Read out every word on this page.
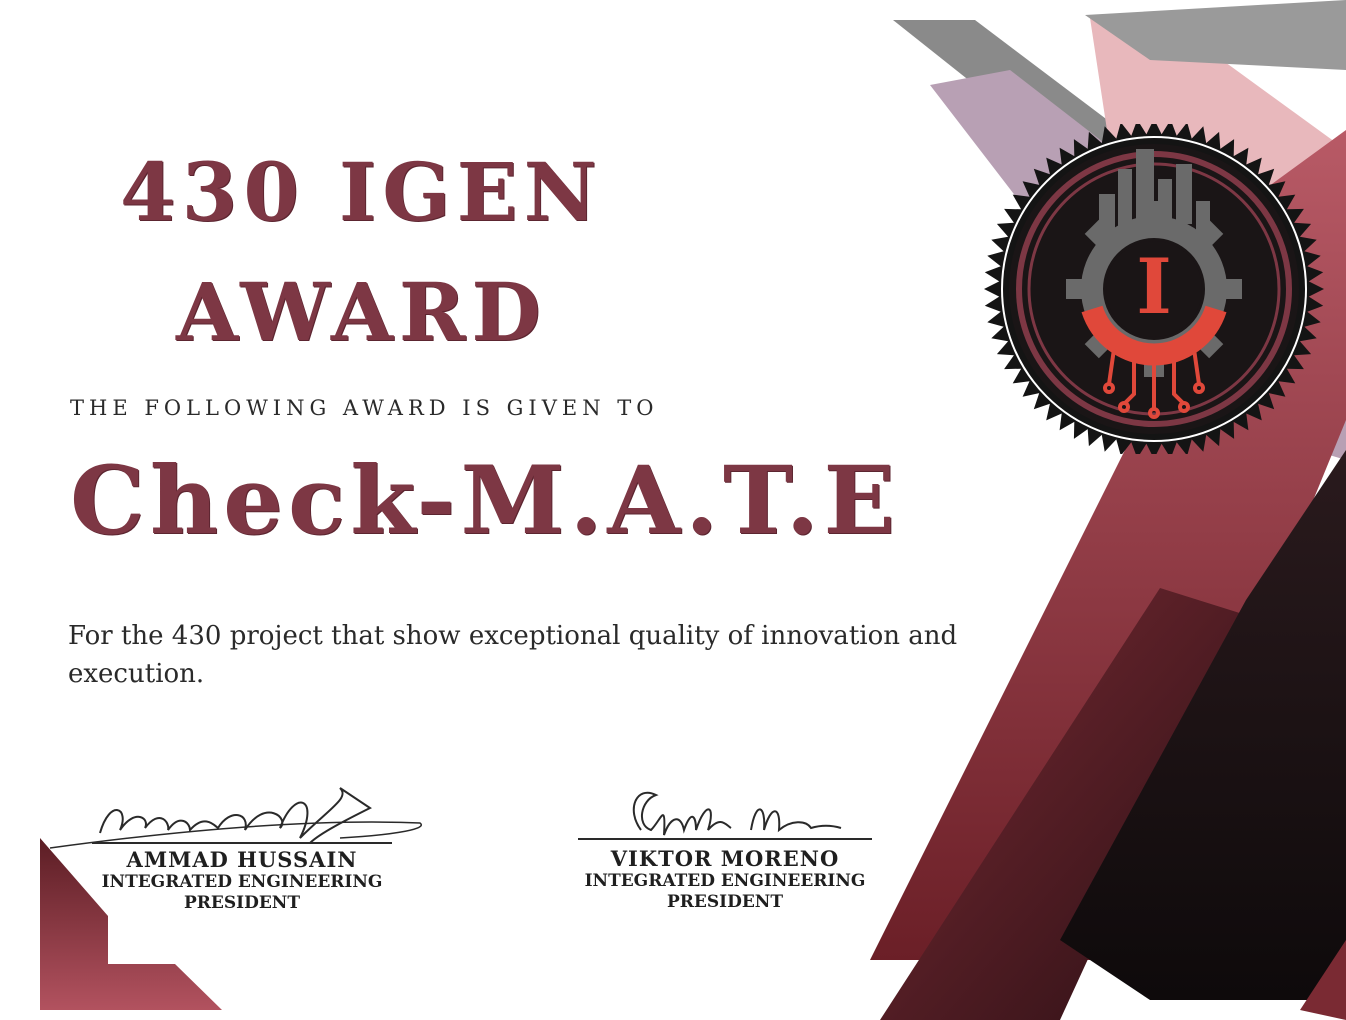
430 IGEN
AWARD

THE FOLLOWING AWARD IS GIVEN TO

Check-M.A.T.E

For the 430 project that show exceptional quality of innovation and execution.

I
AMMAD HUSSAIN
INTEGRATED ENGINEERING
PRESIDENT
VIKTOR MORENO
INTEGRATED ENGINEERING
PRESIDENT
